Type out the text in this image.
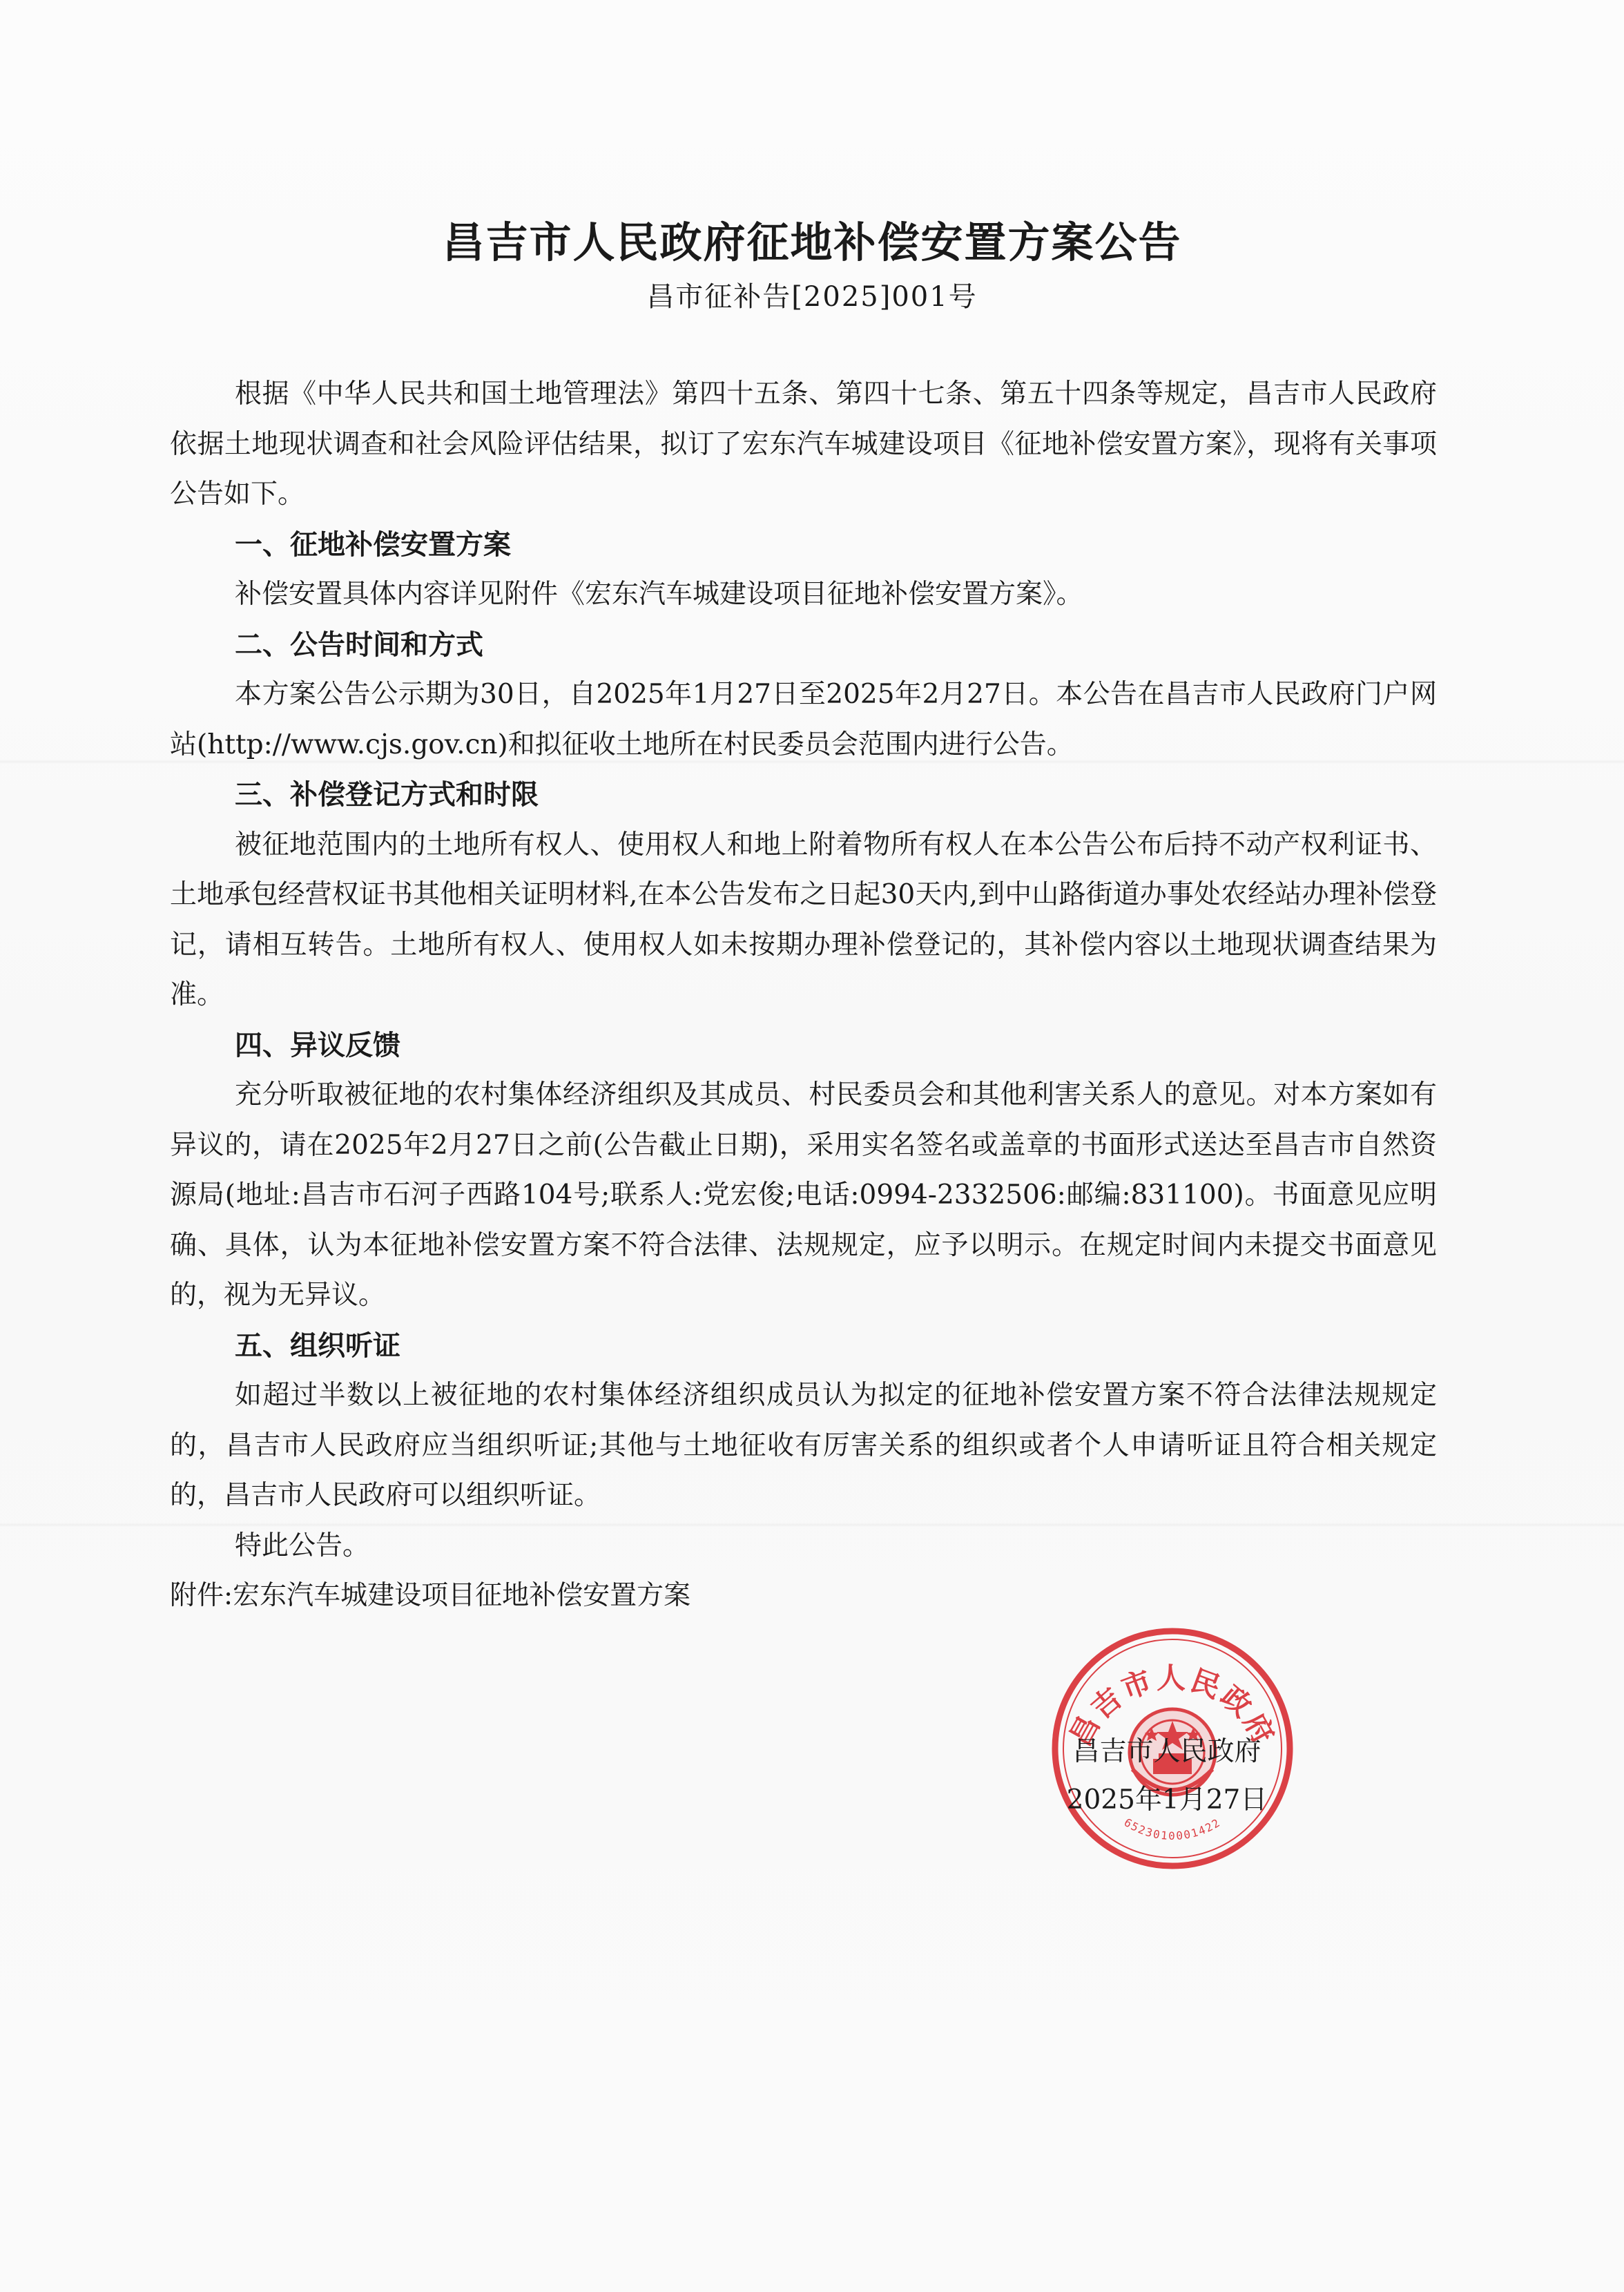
昌吉市人民政府征地补偿安置方案公告
昌市征补告[2025]001号

根据《中华人民共和国土地管理法》第四十五条、第四十七条、第五十四条等规定，昌吉市人民政府依据土地现状调查和社会风险评估结果，拟订了宏东汽车城建设项目《征地补偿安置方案》，现将有关事项公告如下。

一、征地补偿安置方案

补偿安置具体内容详见附件《宏东汽车城建设项目征地补偿安置方案》。

二、公告时间和方式

本方案公告公示期为30日，自2025年1月27日至2025年2月27日。本公告在昌吉市人民政府门户网站(http://www.cjs.gov.cn)和拟征收土地所在村民委员会范围内进行公告。

三、补偿登记方式和时限

被征地范围内的土地所有权人、使用权人和地上附着物所有权人在本公告公布后持不动产权利证书、土地承包经营权证书其他相关证明材料,在本公告发布之日起30天内,到中山路街道办事处农经站办理补偿登记，请相互转告。土地所有权人、使用权人如未按期办理补偿登记的，其补偿内容以土地现状调查结果为准。

四、异议反馈

充分听取被征地的农村集体经济组织及其成员、村民委员会和其他利害关系人的意见。对本方案如有异议的，请在2025年2月27日之前(公告截止日期)，采用实名签名或盖章的书面形式送达至昌吉市自然资源局(地址:昌吉市石河子西路104号;联系人:党宏俊;电话:0994-2332506:邮编:831100)。书面意见应明确、具体，认为本征地补偿安置方案不符合法律、法规规定，应予以明示。在规定时间内未提交书面意见的，视为无异议。

五、组织听证

如超过半数以上被征地的农村集体经济组织成员认为拟定的征地补偿安置方案不符合法律法规规定的，昌吉市人民政府应当组织听证;其他与土地征收有厉害关系的组织或者个人申请听证且符合相关规定的，昌吉市人民政府可以组织听证。

特此公告。

附件:宏东汽车城建设项目征地补偿安置方案

昌吉市人民政府
6523010001422
昌吉市人民政府
2025年1月27日
